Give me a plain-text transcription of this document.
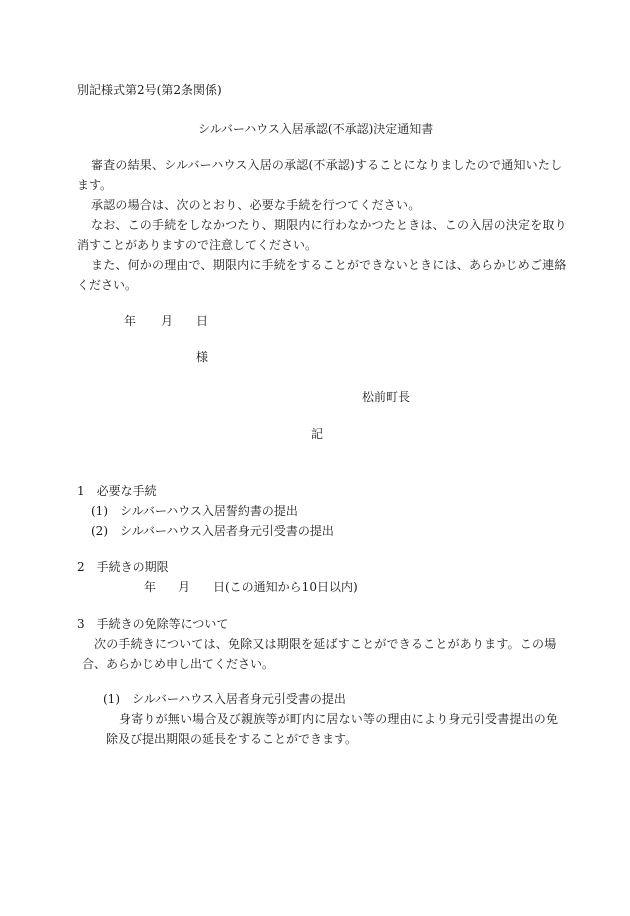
別記様式第2号(第2条関係)
シルバーハウス入居承認(不承認)決定通知書
審査の結果、シルバーハウス入居の承認(不承認)することになりましたので通知いたし
ます。
承認の場合は、次のとおり、必要な手続を行つてください。
なお、この手続をしなかつたり、期限内に行わなかつたときは、この入居の決定を取り
消すことがありますので注意してください。
また、何かの理由で、期限内に手続をすることができないときには、あらかじめご連絡
ください。
年 月 日
様
松前町長
記
1　必要な手続
(1)　シルバーハウス入居誓約書の提出
(2)　シルバーハウス入居者身元引受書の提出
2　手続きの期限
年 月 日(この通知から10日以内)
3　手続きの免除等について
次の手続きについては、免除又は期限を延ばすことができることがあります。この場
合、あらかじめ申し出てください。
(1)　シルバーハウス入居者身元引受書の提出
身寄りが無い場合及び親族等が町内に居ない等の理由により身元引受書提出の免
除及び提出期限の延長をすることができます。
